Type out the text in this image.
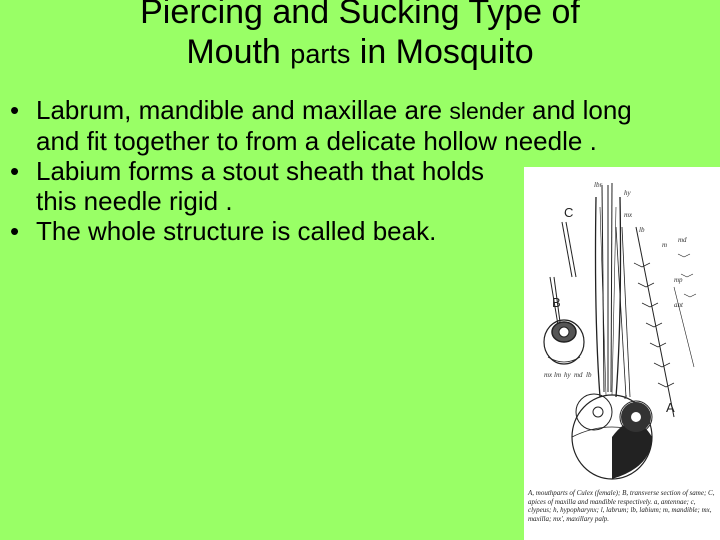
Piercing and Sucking Type of
Mouth parts in Mosquito
• Labrum, mandible and maxillae are slender and long and fit together to from a delicate hollow needle .
• Labium forms a stout sheath that holds this needle rigid .
• The whole structure is called beak.
C
B
A
lbr
hy
mx
lb
m
md
mp
ant
mx lm hy md lb
c
A, mouthparts of Culex (female); B, transverse section of same; C, apices of maxilla and mandible respectively. a, antennae; c, clypeus; h, hypopharynx; l, labrum; lb, labium; m, mandible; mx, maxilla; mx', maxillary palp.
